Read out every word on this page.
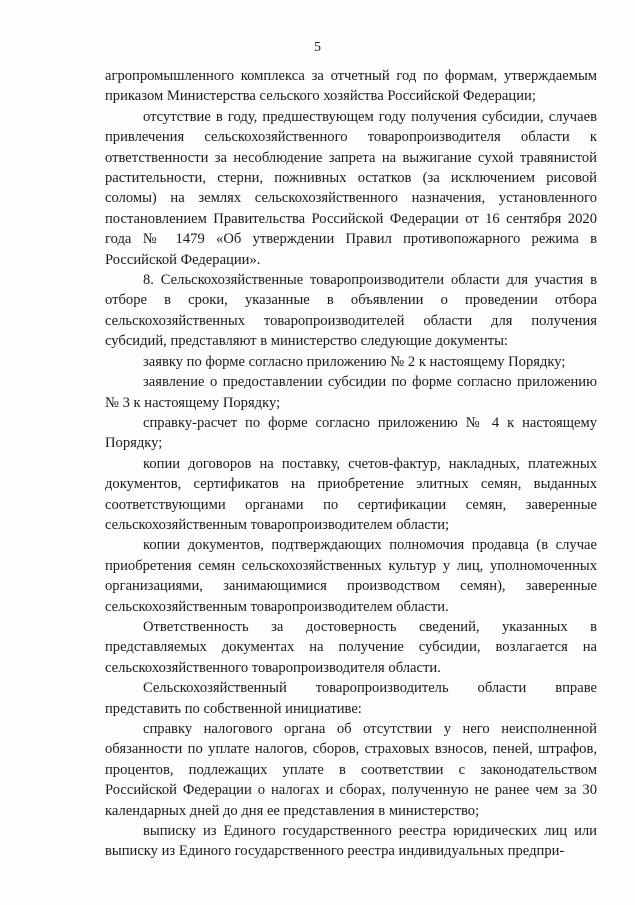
5

агропромышленного комплекса за отчетный год по формам, утверждаемым приказом Министерства сельского хозяйства Российской Федерации;

отсутствие в году, предшествующем году получения субсидии, случаев привлечения сельскохозяйственного товаропроизводителя области к ответственности за несоблюдение запрета на выжигание сухой травянистой растительности, стерни, пожнивных остатков (за исключением рисовой соломы) на землях сельскохозяйственного назначения, установленного постановлением Правительства Российской Федерации от 16 сентября 2020 года № 1479 «Об утверждении Правил противопожарного режима в Российской Федерации».

8. Сельскохозяйственные товаропроизводители области для участия в отборе в сроки, указанные в объявлении о проведении отбора сельскохозяйственных товаропроизводителей области для получения субсидий, представляют в министерство следующие документы:

заявку по форме согласно приложению № 2 к настоящему Порядку;

заявление о предоставлении субсидии по форме согласно приложению № 3 к настоящему Порядку;

справку-расчет по форме согласно приложению № 4 к настоящему Порядку;

копии договоров на поставку, счетов-фактур, накладных, платежных документов, сертификатов на приобретение элитных семян, выданных соответствующими органами по сертификации семян, заверенные сельскохозяйственным товаропроизводителем области;

копии документов, подтверждающих полномочия продавца (в случае приобретения семян сельскохозяйственных культур у лиц, уполномоченных организациями, занимающимися производством семян), заверенные сельскохозяйственным товаропроизводителем области.

Ответственность за достоверность сведений, указанных в представляемых документах на получение субсидии, возлагается на сельскохозяйственного товаропроизводителя области.

Сельскохозяйственный товаропроизводитель области вправе представить по собственной инициативе:

справку налогового органа об отсутствии у него неисполненной обязанности по уплате налогов, сборов, страховых взносов, пеней, штрафов, процентов, подлежащих уплате в соответствии с законодательством Российской Федерации о налогах и сборах, полученную не ранее чем за 30 календарных дней до дня ее представления в министерство;

выписку из Единого государственного реестра юридических лиц или выписку из Единого государственного реестра индивидуальных предпри-
